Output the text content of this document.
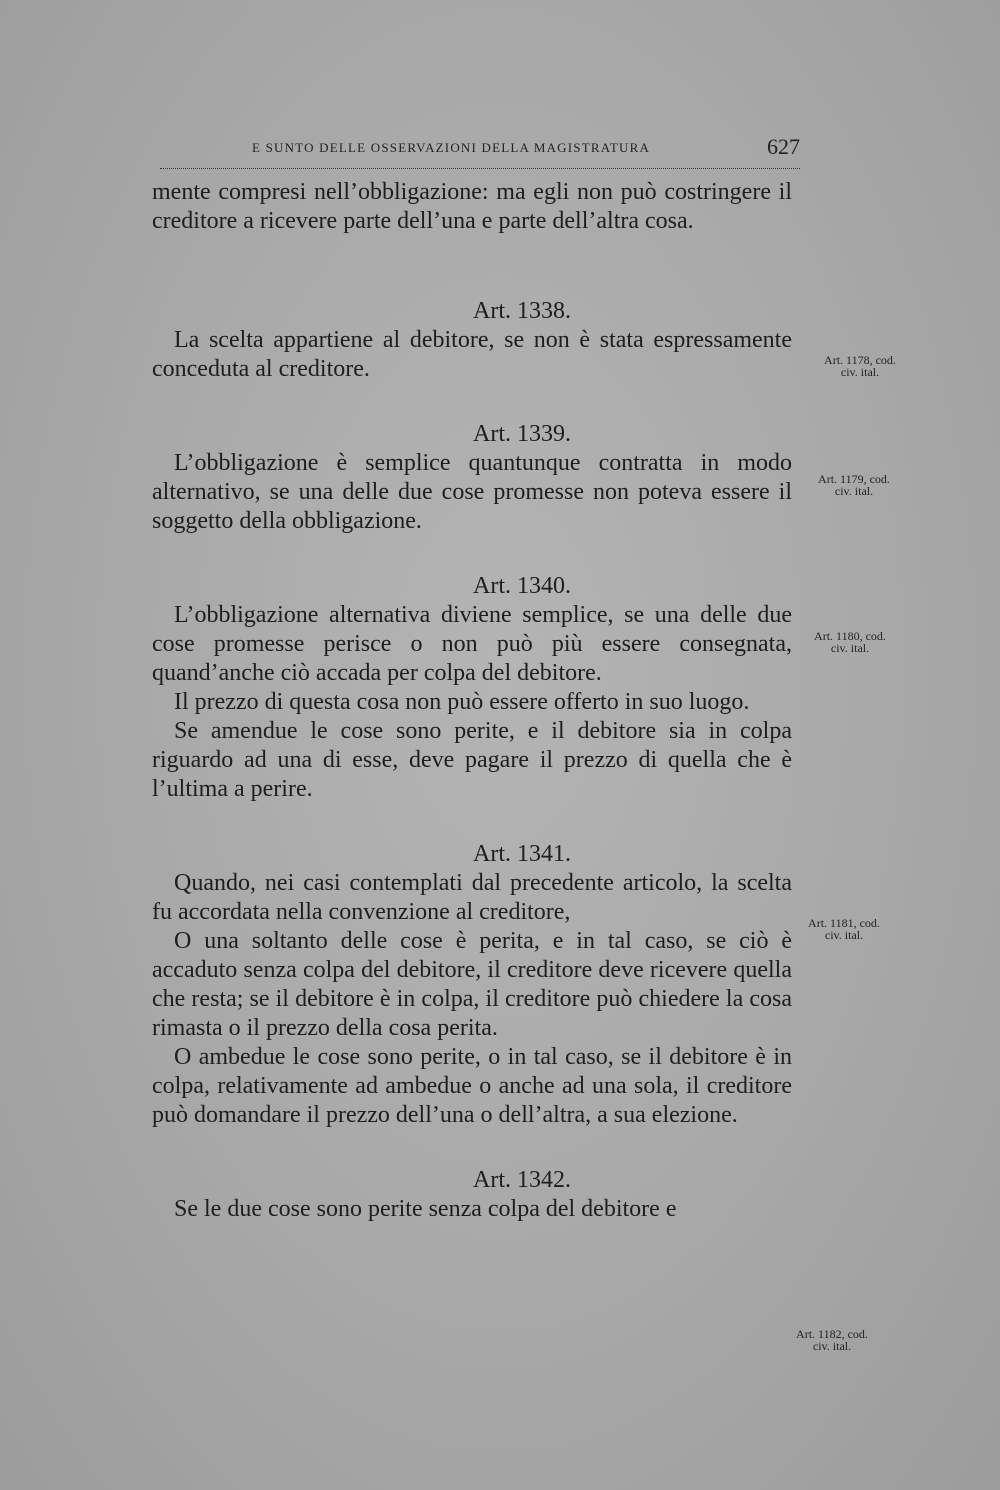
E SUNTO DELLE OSSERVAZIONI DELLA MAGISTRATURA	627

mente compresi nell’obbligazione: ma egli non può costringere il creditore a ricevere parte dell’una e parte dell’altra cosa.

Art. 1338.

La scelta appartiene al debitore, se non è stata espressamente conceduta al creditore.

Art. 1339.

L’obbligazione è semplice quantunque contratta in modo alternativo, se una delle due cose promesse non poteva essere il soggetto della obbligazione.

Art. 1340.

L’obbligazione alternativa diviene semplice, se una delle due cose promesse perisce o non può più essere consegnata, quand’anche ciò accada per colpa del debitore.

Il prezzo di questa cosa non può essere offerto in suo luogo.

Se amendue le cose sono perite, e il debitore sia in colpa riguardo ad una di esse, deve pagare il prezzo di quella che è l’ultima a perire.

Art. 1341.

Quando, nei casi contemplati dal precedente articolo, la scelta fu accordata nella convenzione al creditore,

O una soltanto delle cose è perita, e in tal caso, se ciò è accaduto senza colpa del debitore, il creditore deve ricevere quella che resta; se il debitore è in colpa, il creditore può chiedere la cosa rimasta o il prezzo della cosa perita.

O ambedue le cose sono perite, o in tal caso, se il debitore è in colpa, relativamente ad ambedue o anche ad una sola, il creditore può domandare il prezzo dell’una o dell’altra, a sua elezione.

Art. 1342.

Se le due cose sono perite senza colpa del debitore e

Art. 1178, cod.
civ. ital.
Art. 1179, cod.
civ. ital.
Art. 1180, cod.
civ. ital.
Art. 1181, cod.
civ. ital.
Art. 1182, cod.
civ. ital.
